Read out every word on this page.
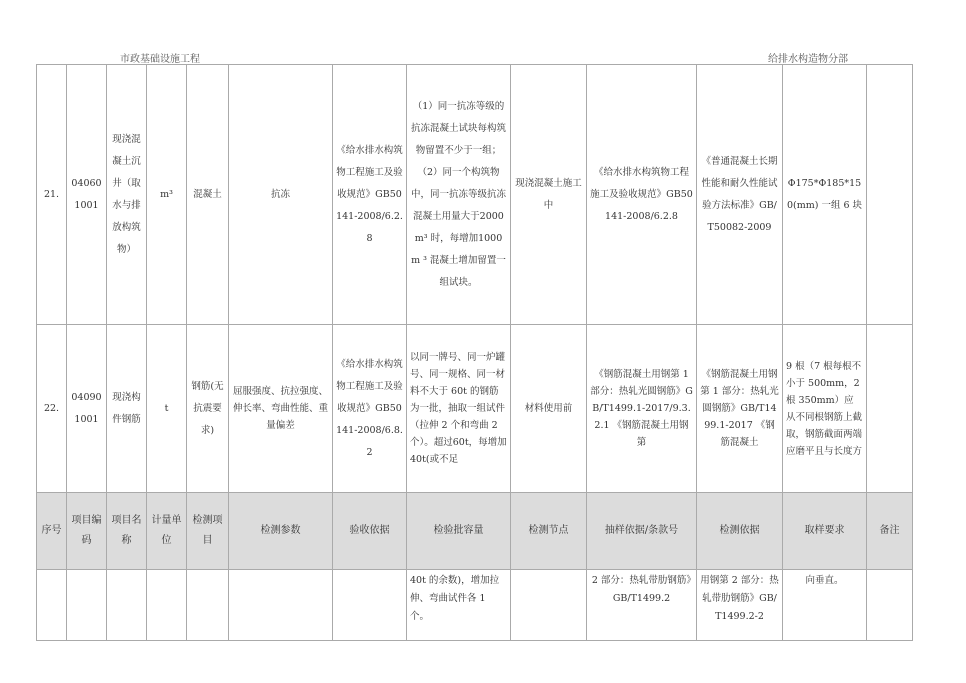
市政基础设施工程	给排水构造物分部
21.	04060 1001	现浇混凝土沉井（取水与排放构筑物）	m³	混凝土	抗冻	《给水排水构筑物工程施工及验收规范》GB50141-2008/6.2.8	（1）同一抗冻等级的抗冻混凝土试块每构筑物留置不少于一组；（2）同一个构筑物中，同一抗冻等级抗冻混凝土用量大于2000m³ 时，每增加1000 m ³ 混凝土增加留置一组试块。	现浇混凝土施工中	《给水排水构筑物工程施工及验收规范》GB50141-2008/6.2.8	《普通混凝土长期性能和耐久性能试验方法标准》GB/T50082-2009	Φ175*Φ185*150(mm) 一组 6 块	
22.	04090 1001	现浇构件钢筋	t	钢筋(无抗震要求)	屈服强度、抗拉强度、伸长率、弯曲性能、重量偏差	《给水排水构筑物工程施工及验收规范》GB50141-2008/6.8.2	以同一牌号、同一炉罐号、同一规格、同一材料不大于 60t 的钢筋为一批，抽取一组试件（拉伸 2 个和弯曲 2 个）。超过60t，每增加 40t(或不足	材料使用前	《钢筋混凝土用钢第 1 部分：热轧光圆钢筋》GB/T1499.1-2017/9.3.2.1 《钢筋混凝土用钢第	《钢筋混凝土用钢第 1 部分：热轧光圆钢筋》GB/T1499.1-2017 《钢筋混凝土	9 根（7 根每根不小于 500mm，2 根 350mm）应从不同根钢筋上截取，钢筋截面两端应磨平且与长度方	
序号	项目编码	项目名称	计量单位	检测项目	检测参数	验收依据	检验批容量	检测节点	抽样依据/条款号	检测依据	取样要求	备注
							40t 的余数)，增加拉伸、弯曲试件各 1 个。		2 部分：热轧带肋钢筋》GB/T1499.2	用钢第 2 部分：热轧带肋钢筋》GB/T1499.2-2	向垂直。	
